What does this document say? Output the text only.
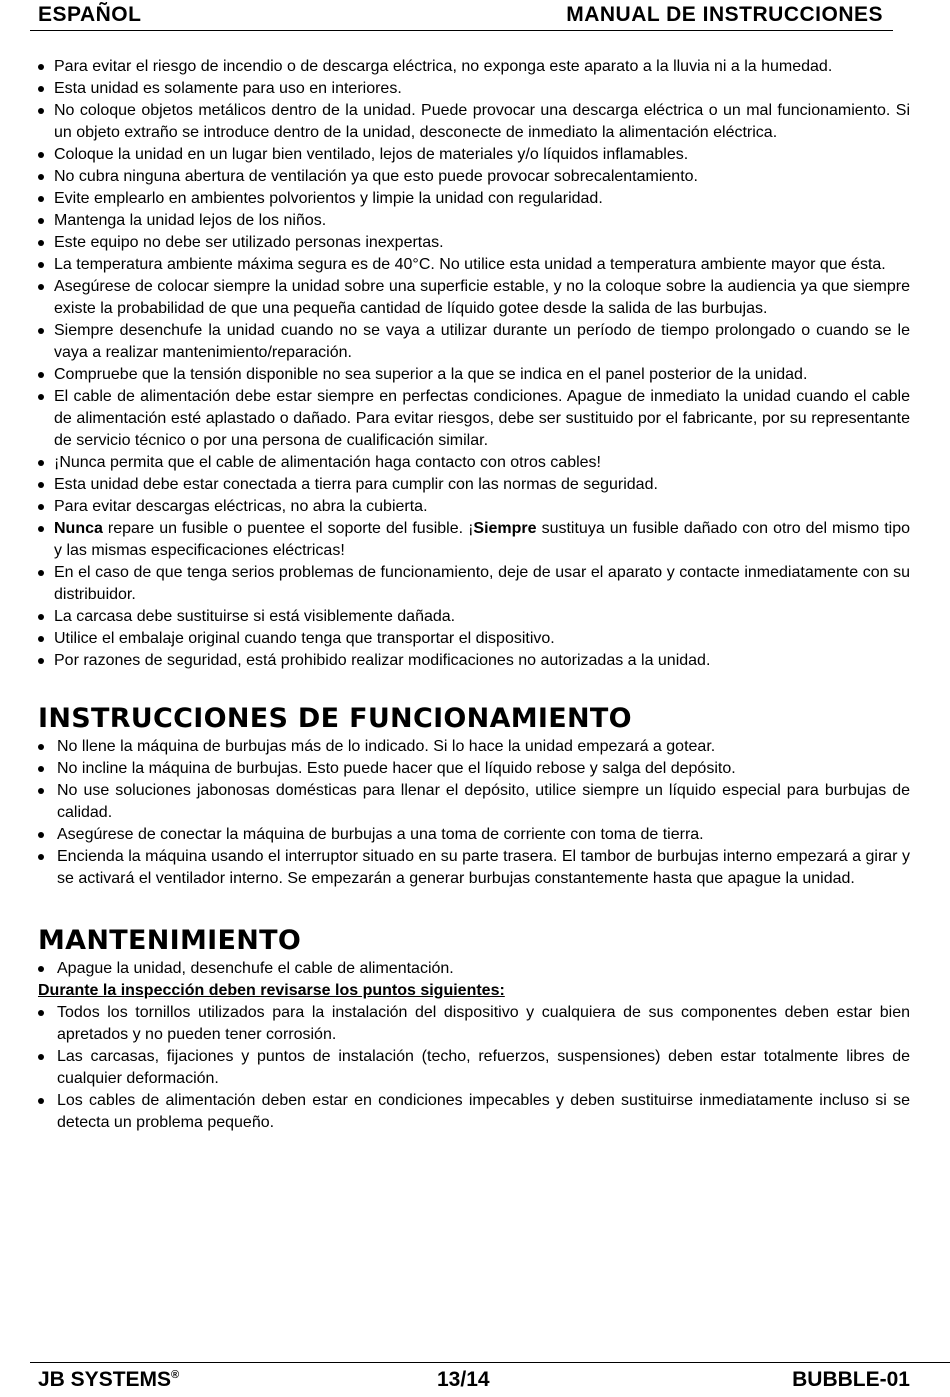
ESPAÑOL	MANUAL DE INSTRUCCIONES
Para evitar el riesgo de incendio o de descarga eléctrica, no exponga este aparato a la lluvia ni a la humedad.
Esta unidad es solamente para uso en interiores.
No coloque objetos metálicos dentro de la unidad. Puede provocar una descarga eléctrica o un mal funcionamiento. Si un objeto extraño se introduce dentro de la unidad, desconecte de inmediato la alimentación eléctrica.
Coloque la unidad en un lugar bien ventilado, lejos de materiales y/o líquidos inflamables.
No cubra ninguna abertura de ventilación ya que esto puede provocar sobrecalentamiento.
Evite emplearlo en ambientes polvorientos y limpie la unidad con regularidad.
Mantenga la unidad lejos de los niños.
Este equipo no debe ser utilizado personas inexpertas.
La temperatura ambiente máxima segura es de 40°C. No utilice esta unidad a temperatura ambiente mayor que ésta.
Asegúrese de colocar siempre la unidad sobre una superficie estable, y no la coloque sobre la audiencia ya que siempre existe la probabilidad de que una pequeña cantidad de líquido gotee desde la salida de las burbujas.
Siempre desenchufe la unidad cuando no se vaya a utilizar durante un período de tiempo prolongado o cuando se le vaya a realizar mantenimiento/reparación.
Compruebe que la tensión disponible no sea superior a la que se indica en el panel posterior de la unidad.
El cable de alimentación debe estar siempre en perfectas condiciones. Apague de inmediato la unidad cuando el cable de alimentación esté aplastado o dañado. Para evitar riesgos, debe ser sustituido por el fabricante, por su representante de servicio técnico o por una persona de cualificación similar.
¡Nunca permita que el cable de alimentación haga contacto con otros cables!
Esta unidad debe estar conectada a tierra para cumplir con las normas de seguridad.
Para evitar descargas eléctricas, no abra la cubierta.
Nunca repare un fusible o puentee el soporte del fusible. ¡Siempre sustituya un fusible dañado con otro del mismo tipo y las mismas especificaciones eléctricas!
En el caso de que tenga serios problemas de funcionamiento, deje de usar el aparato y contacte inmediatamente con su distribuidor.
La carcasa debe sustituirse si está visiblemente dañada.
Utilice el embalaje original cuando tenga que transportar el dispositivo.
Por razones de seguridad, está prohibido realizar modificaciones no autorizadas a la unidad.
INSTRUCCIONES DE FUNCIONAMIENTO
No llene la máquina de burbujas más de lo indicado. Si lo hace la unidad empezará a gotear.
No incline la máquina de burbujas. Esto puede hacer que el líquido rebose y salga del depósito.
No use soluciones jabonosas domésticas para llenar el depósito, utilice siempre un líquido especial para burbujas de calidad.
Asegúrese de conectar la máquina de burbujas a una toma de corriente con toma de tierra.
Encienda la máquina usando el interruptor situado en su parte trasera. El tambor de burbujas interno empezará a girar y se activará el ventilador interno. Se empezarán a generar burbujas constantemente hasta que apague la unidad.
MANTENIMIENTO
Apague la unidad, desenchufe el cable de alimentación.
Durante la inspección deben revisarse los puntos siguientes:
Todos los tornillos utilizados para la instalación del dispositivo y cualquiera de sus componentes deben estar bien apretados y no pueden tener corrosión.
Las carcasas, fijaciones y puntos de instalación (techo, refuerzos, suspensiones) deben estar totalmente libres de cualquier deformación.
Los cables de alimentación deben estar en condiciones impecables y deben sustituirse inmediatamente incluso si se detecta un problema pequeño.
JB SYSTEMS®	13/14	BUBBLE-01
